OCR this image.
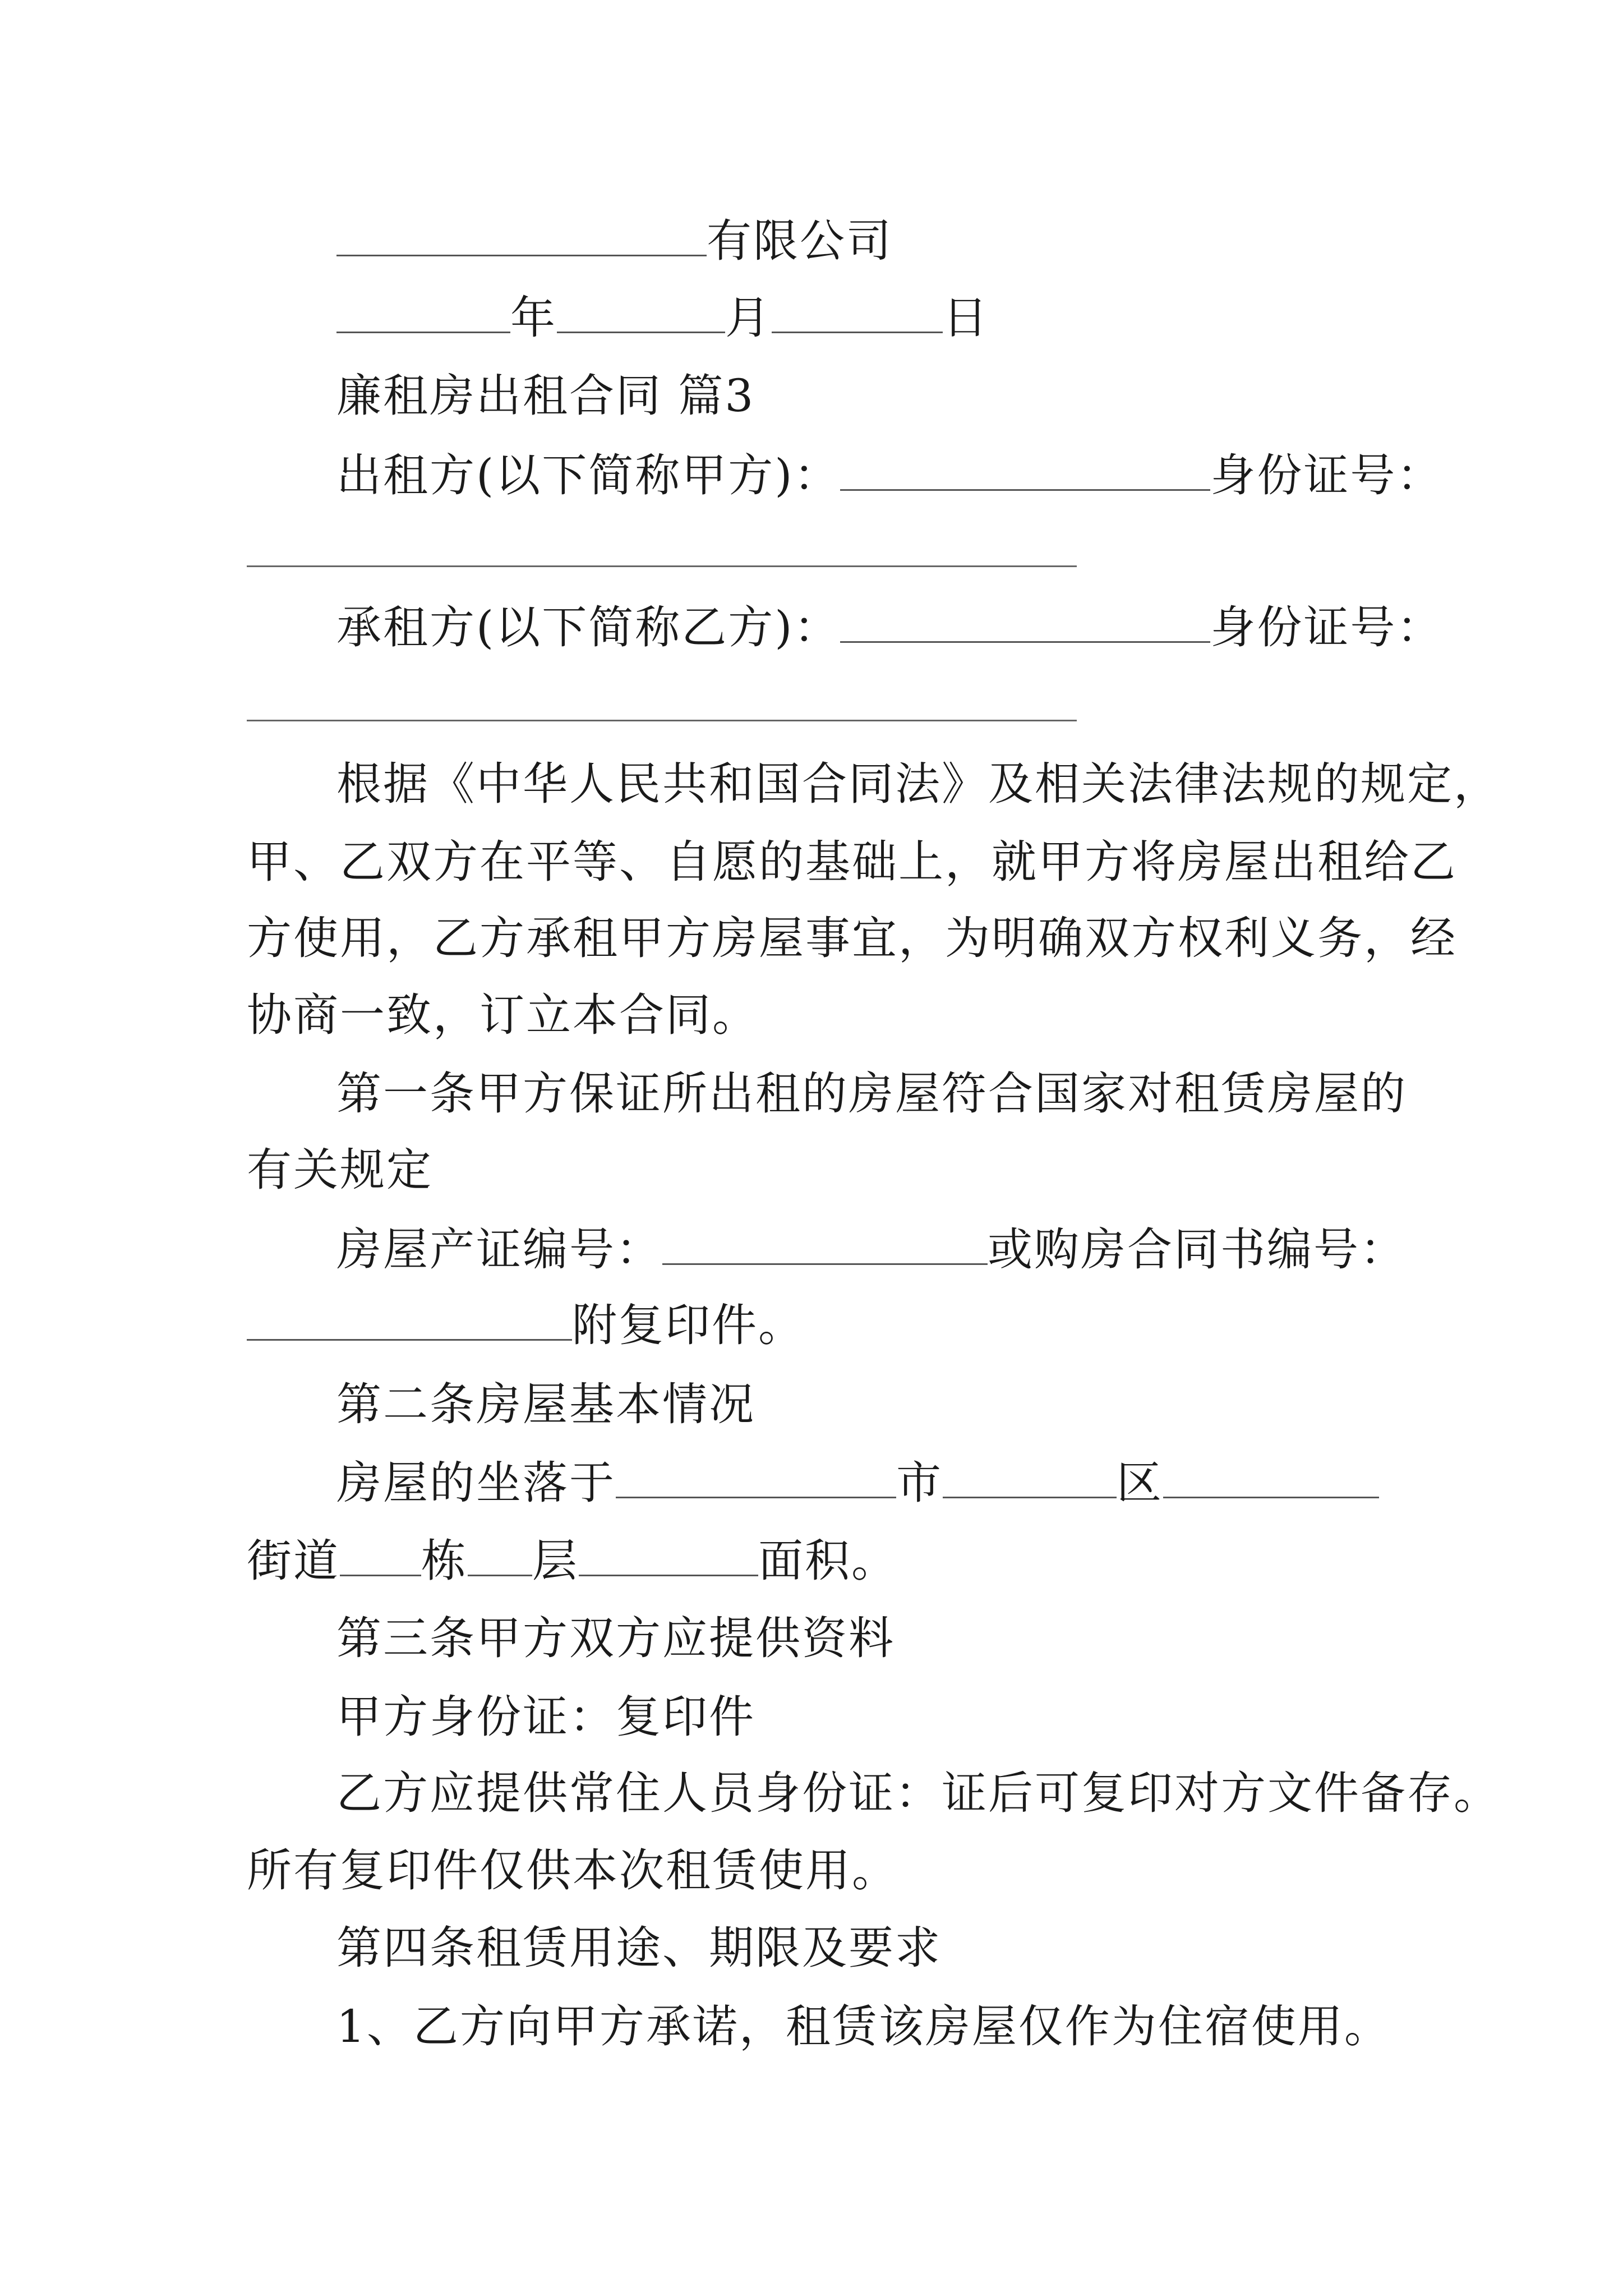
有限公司
年	月	日
廉租房出租合同 篇3
出租方(以下简称甲方)：	身份证号：
承租方(以下简称乙方)：	身份证号：
根据《中华人民共和国合同法》及相关法律法规的规定，
甲、乙双方在平等、自愿的基础上，就甲方将房屋出租给乙
方使用，乙方承租甲方房屋事宜，为明确双方权利义务，经
协商一致，订立本合同。
第一条甲方保证所出租的房屋符合国家对租赁房屋的
有关规定
房屋产证编号：	或购房合同书编号：
附复印件。
第二条房屋基本情况
房屋的坐落于	市	区
街道 栋 层	面积。
第三条甲方双方应提供资料
甲方身份证：复印件
乙方应提供常住人员身份证：证后可复印对方文件备存。
所有复印件仅供本次租赁使用。
第四条租赁用途、期限及要求
1、乙方向甲方承诺，租赁该房屋仅作为住宿使用。
